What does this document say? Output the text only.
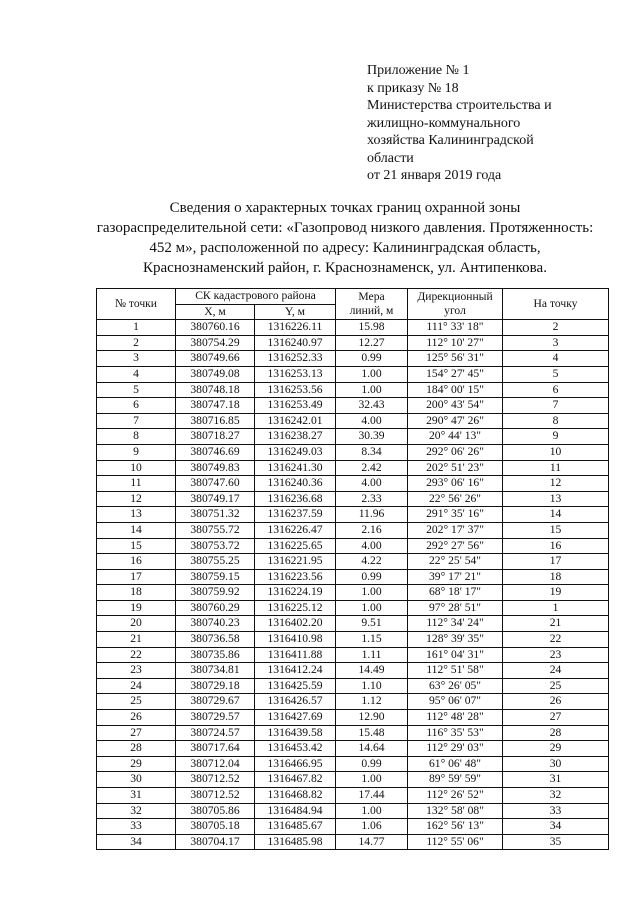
Приложение № 1
к приказу № 18
Министерства строительства и
жилищно-коммунального
хозяйства Калининградской
области
от 21 января 2019 года
Сведения о характерных точках границ охранной зоны
газораспределительной сети: «Газопровод низкого давления. Протяженность:
452 м», расположенной по адресу: Калининградская область,
Краснознаменский район, г. Краснознаменск, ул. Антипенкова.
№ точки	СК кадастрового района		Мера линий, м	Дирекционный угол	На точку
	X, м	Y, м			
1	380760.16	1316226.11	15.98	111° 33' 18"	2
2	380754.29	1316240.97	12.27	112° 10' 27"	3
3	380749.66	1316252.33	0.99	125° 56' 31"	4
4	380749.08	1316253.13	1.00	154° 27' 45"	5
5	380748.18	1316253.56	1.00	184° 00' 15"	6
6	380747.18	1316253.49	32.43	200° 43' 54"	7
7	380716.85	1316242.01	4.00	290° 47' 26"	8
8	380718.27	1316238.27	30.39	20° 44' 13"	9
9	380746.69	1316249.03	8.34	292° 06' 26"	10
10	380749.83	1316241.30	2.42	202° 51' 23"	11
11	380747.60	1316240.36	4.00	293° 06' 16"	12
12	380749.17	1316236.68	2.33	22° 56' 26"	13
13	380751.32	1316237.59	11.96	291° 35' 16"	14
14	380755.72	1316226.47	2.16	202° 17' 37"	15
15	380753.72	1316225.65	4.00	292° 27' 56"	16
16	380755.25	1316221.95	4.22	22° 25' 54"	17
17	380759.15	1316223.56	0.99	39° 17' 21"	18
18	380759.92	1316224.19	1.00	68° 18' 17"	19
19	380760.29	1316225.12	1.00	97° 28' 51"	1
20	380740.23	1316402.20	9.51	112° 34' 24"	21
21	380736.58	1316410.98	1.15	128° 39' 35"	22
22	380735.86	1316411.88	1.11	161° 04' 31"	23
23	380734.81	1316412.24	14.49	112° 51' 58"	24
24	380729.18	1316425.59	1.10	63° 26' 05"	25
25	380729.67	1316426.57	1.12	95° 06' 07"	26
26	380729.57	1316427.69	12.90	112° 48' 28"	27
27	380724.57	1316439.58	15.48	116° 35' 53"	28
28	380717.64	1316453.42	14.64	112° 29' 03"	29
29	380712.04	1316466.95	0.99	61° 06' 48"	30
30	380712.52	1316467.82	1.00	89° 59' 59"	31
31	380712.52	1316468.82	17.44	112° 26' 52"	32
32	380705.86	1316484.94	1.00	132° 58' 08"	33
33	380705.18	1316485.67	1.06	162° 56' 13"	34
34	380704.17	1316485.98	14.77	112° 55' 06"	35
